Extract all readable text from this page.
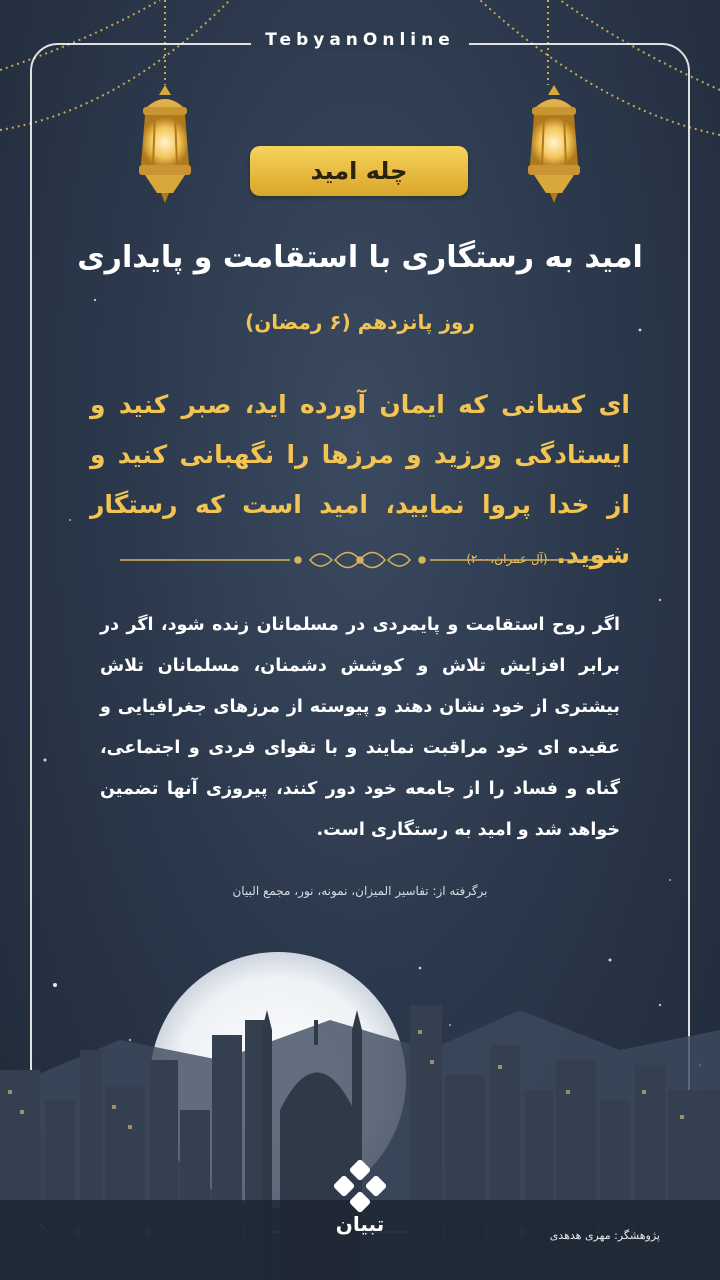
TebyanOnline
چله امید
امید به رستگاری با استقامت و پایداری
روز پانزدهم (۶ رمضان)
ای کسانی که ایمان آورده اید، صبر کنید و ایستادگی ورزید و مرزها را نگهبانی کنید و از خدا پروا نمایید، امید است که رستگار شوید. (آل عمران،۲۰۰)
اگر روح استقامت و پایمردی در مسلمانان زنده شود، اگر در برابر افزایش تلاش و کوشش دشمنان، مسلمانان تلاش بیشتری از خود نشان دهند و پیوسته از مرزهای جغرافیایی و عقیده ای خود مراقبت نمایند و با تقوای فردی و اجتماعی، گناه و فساد را از جامعه خود دور کنند، پیروزی آنها تضمین خواهد شد و امید به رستگاری است.
برگرفته از: تفاسیر المیزان، نمونه، نور، مجمع البیان
تبیان	پژوهشگر: مهری هدهدی
